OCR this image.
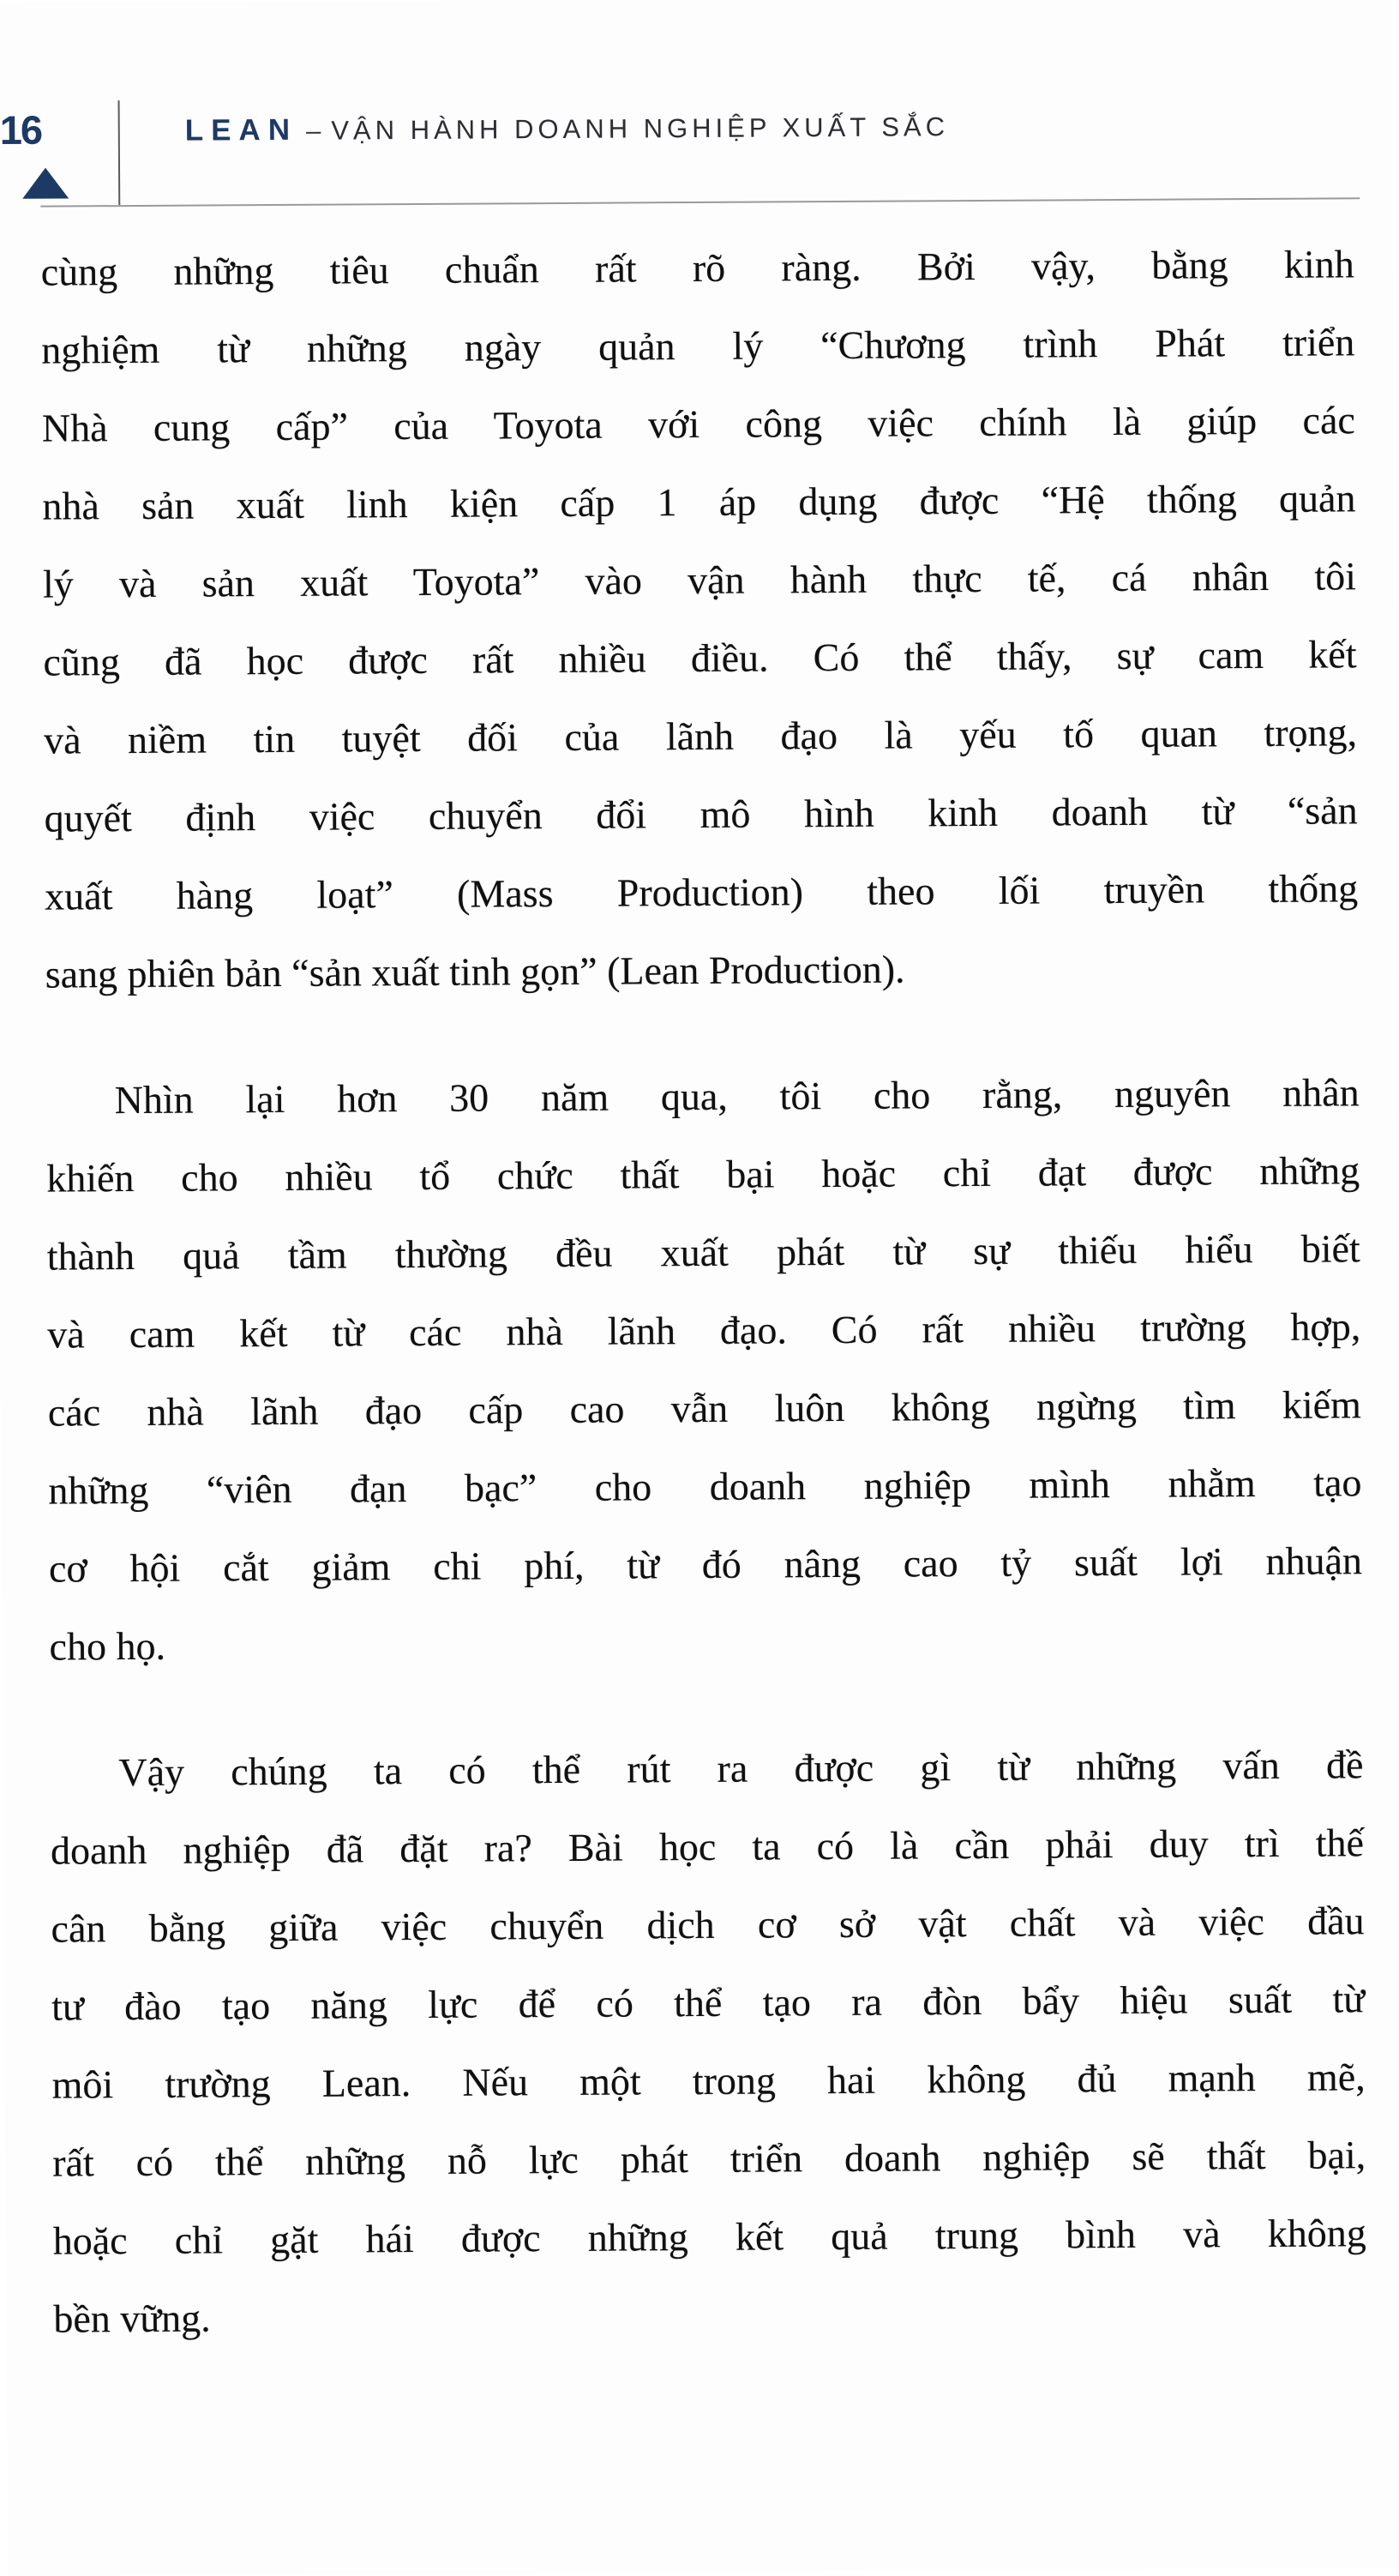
16	LEAN – VẬN HÀNH DOANH NGHIỆP XUẤT SẮC
cùng những tiêu chuẩn rất rõ ràng. Bởi vậy, bằng kinh
nghiệm từ những ngày quản lý “Chương trình Phát triển
Nhà cung cấp” của Toyota với công việc chính là giúp các
nhà sản xuất linh kiện cấp 1 áp dụng được “Hệ thống quản
lý và sản xuất Toyota” vào vận hành thực tế, cá nhân tôi
cũng đã học được rất nhiều điều. Có thể thấy, sự cam kết
và niềm tin tuyệt đối của lãnh đạo là yếu tố quan trọng,
quyết định việc chuyển đổi mô hình kinh doanh từ “sản
xuất hàng loạt” (Mass Production) theo lối truyền thống
sang phiên bản “sản xuất tinh gọn” (Lean Production).
Nhìn lại hơn 30 năm qua, tôi cho rằng, nguyên nhân
khiến cho nhiều tổ chức thất bại hoặc chỉ đạt được những
thành quả tầm thường đều xuất phát từ sự thiếu hiểu biết
và cam kết từ các nhà lãnh đạo. Có rất nhiều trường hợp,
các nhà lãnh đạo cấp cao vẫn luôn không ngừng tìm kiếm
những “viên đạn bạc” cho doanh nghiệp mình nhằm tạo
cơ hội cắt giảm chi phí, từ đó nâng cao tỷ suất lợi nhuận
cho họ.
Vậy chúng ta có thể rút ra được gì từ những vấn đề
doanh nghiệp đã đặt ra? Bài học ta có là cần phải duy trì thế
cân bằng giữa việc chuyển dịch cơ sở vật chất và việc đầu
tư đào tạo năng lực để có thể tạo ra đòn bẩy hiệu suất từ
môi trường Lean. Nếu một trong hai không đủ mạnh mẽ,
rất có thể những nỗ lực phát triển doanh nghiệp sẽ thất bại,
hoặc chỉ gặt hái được những kết quả trung bình và không
bền vững.
